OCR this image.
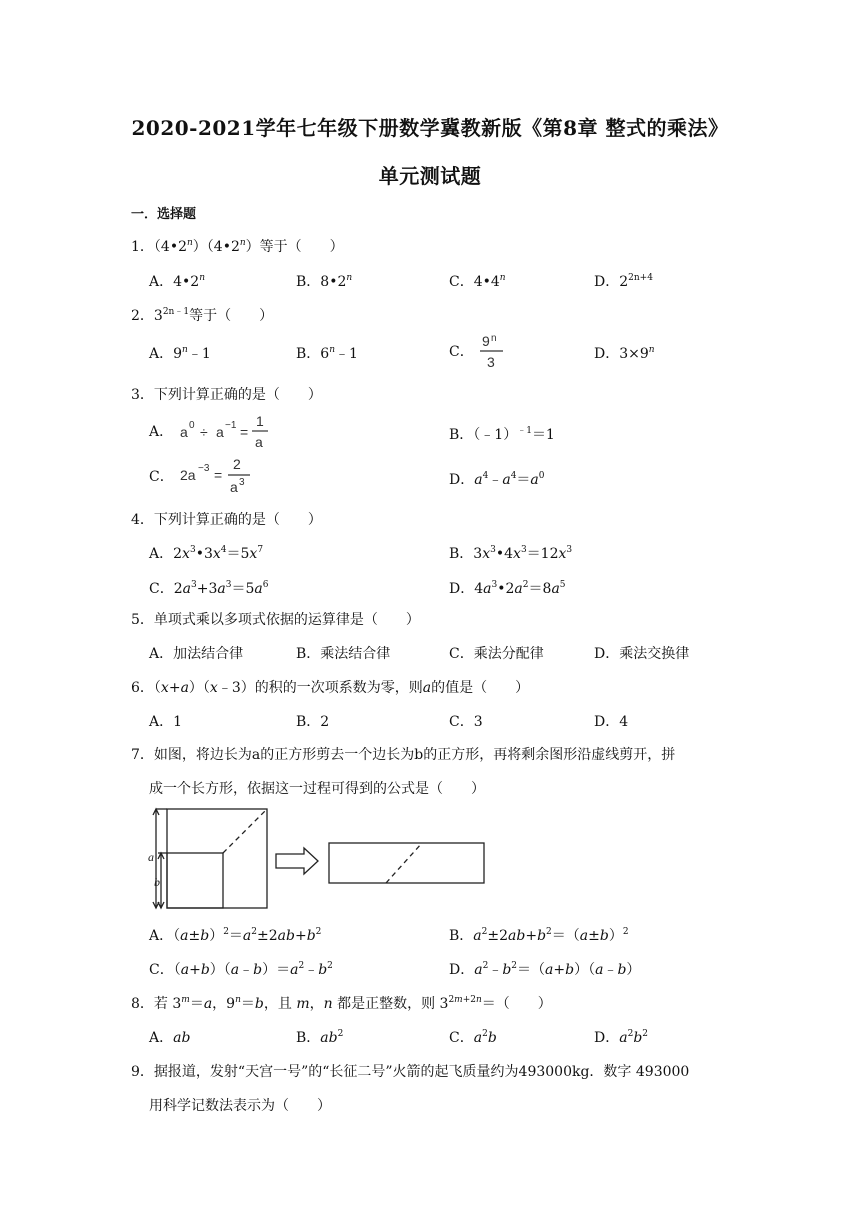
2020-2021学年七年级下册数学冀教新版《第8章 整式的乘法》
单元测试题
一．选择题
1．（4•2$^n$）（4•2$^n$）等于（　　）
A．4•2$^n$	B．8•2$^n$	C．4•4$^n$	D．$2^{2n+4}$
2．$3^{2n﹣1}$等于（　　）
A．9$^n$﹣1	B．6$^n$﹣1	C．
9 n
3	D．$3\times 9^n$
3．下列计算正确的是（　　）
A． a 0 ÷ a −1 =
1
a	B．（﹣1）$^{﹣1}$＝1
C． 2a −3 =
2
a 3	D．$a^4﹣a^4=a^0$
4．下列计算正确的是（　　）
A．$2x^3•3x^4=5x^7$	B．$3x^3•4x^3=12x^3$
C．$2a^3+3a^3=5a^6$	D．$4a^3•2a^2=8a^5$
5．单项式乘以多项式依据的运算律是（　　）
A．加法结合律	B．乘法结合律	C．乘法分配律	D．乘法交换律
6．（x+a）（x﹣3）的积的一次项系数为零，则a的值是（　　）
A．1	B．2	C．3	D．4
7．如图，将边长为a的正方形剪去一个边长为b的正方形，再将剩余图形沿虚线剪开，拼
成一个长方形，依据这一过程可得到的公式是（　　）
a
b
A．$(a\pm b)^2=a^2\pm 2ab+b^2$	B．$a^2\pm 2ab+b^2=(a\pm b)^2$
C．$(a+b)(a﹣b)=a^2﹣b^2$	D．$a^2﹣b^2=(a+b)(a﹣b)$
8．若 $3^m=a$，$9^n=b$，且 m，n 都是正整数，则 $3^{2m+2n}=$（　　）
A．ab	B．$ab^2$	C．$a^2b$	D．$a^2b^2$
9．据报道，发射“天宫一号”的“长征二号”火箭的起飞质量约为493000kg．数字 493000
用科学记数法表示为（　　）
